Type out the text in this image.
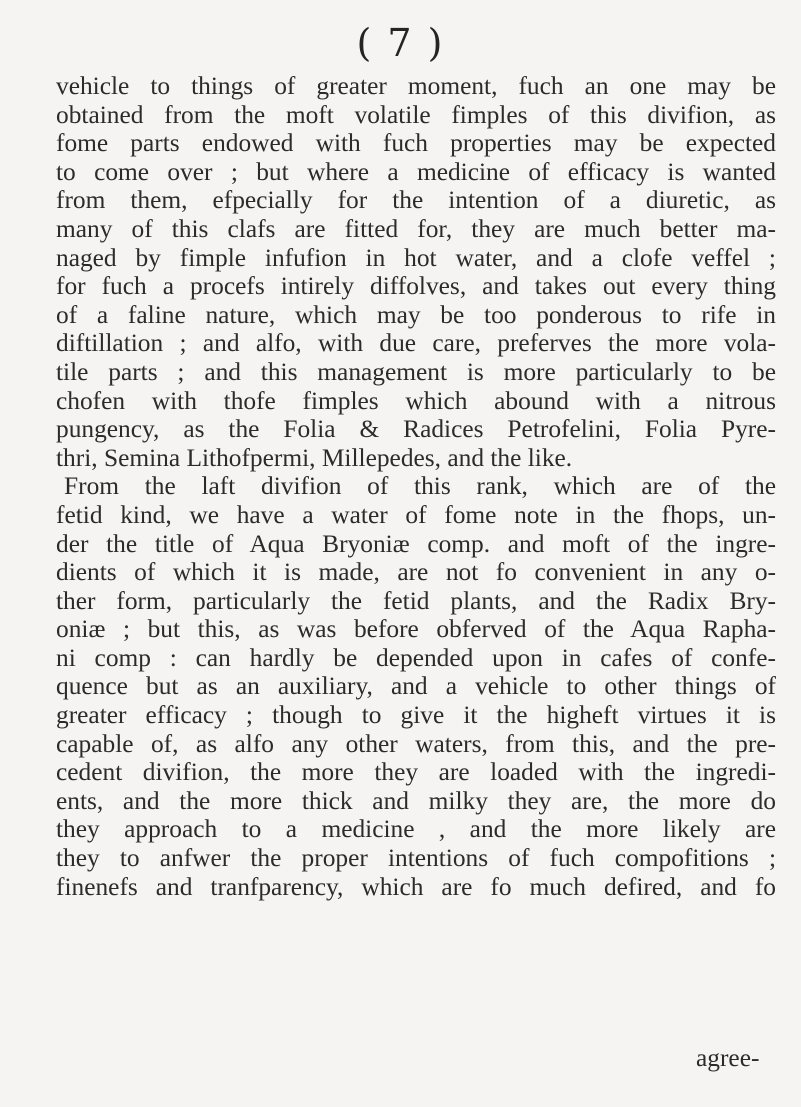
( 7 )
vehicle to things of greater moment, fuch an one may be
obtained from the moft volatile fimples of this divifion, as
fome parts endowed with fuch properties may be expected
to come over ; but where a medicine of efficacy is wanted
from them, efpecially for the intention of a diuretic, as
many of this clafs are fitted for, they are much better ma-
naged by fimple infufion in hot water, and a clofe veffel ;
for fuch a procefs intirely diffolves, and takes out every thing
of a faline nature, which may be too ponderous to rife in
diftillation ; and alfo, with due care, preferves the more vola-
tile parts ; and this management is more particularly to be
chofen with thofe fimples which abound with a nitrous
pungency, as the Folia & Radices Petrofelini, Folia Pyre-
thri, Semina Lithofpermi, Millepedes, and the like.
From the laft divifion of this rank, which are of the
fetid kind, we have a water of fome note in the fhops, un-
der the title of Aqua Bryoniæ comp. and moft of the ingre-
dients of which it is made, are not fo convenient in any o-
ther form, particularly the fetid plants, and the Radix Bry-
oniæ ; but this, as was before obferved of the Aqua Rapha-
ni comp : can hardly be depended upon in cafes of confe-
quence but as an auxiliary, and a vehicle to other things of
greater efficacy ; though to give it the higheft virtues it is
capable of, as alfo any other waters, from this, and the pre-
cedent divifion, the more they are loaded with the ingredi-
ents, and the more thick and milky they are, the more do
they approach to a medicine , and the more likely are
they to anfwer the proper intentions of fuch compofitions ;
finenefs and tranfparency, which are fo much defired, and fo
agree-
